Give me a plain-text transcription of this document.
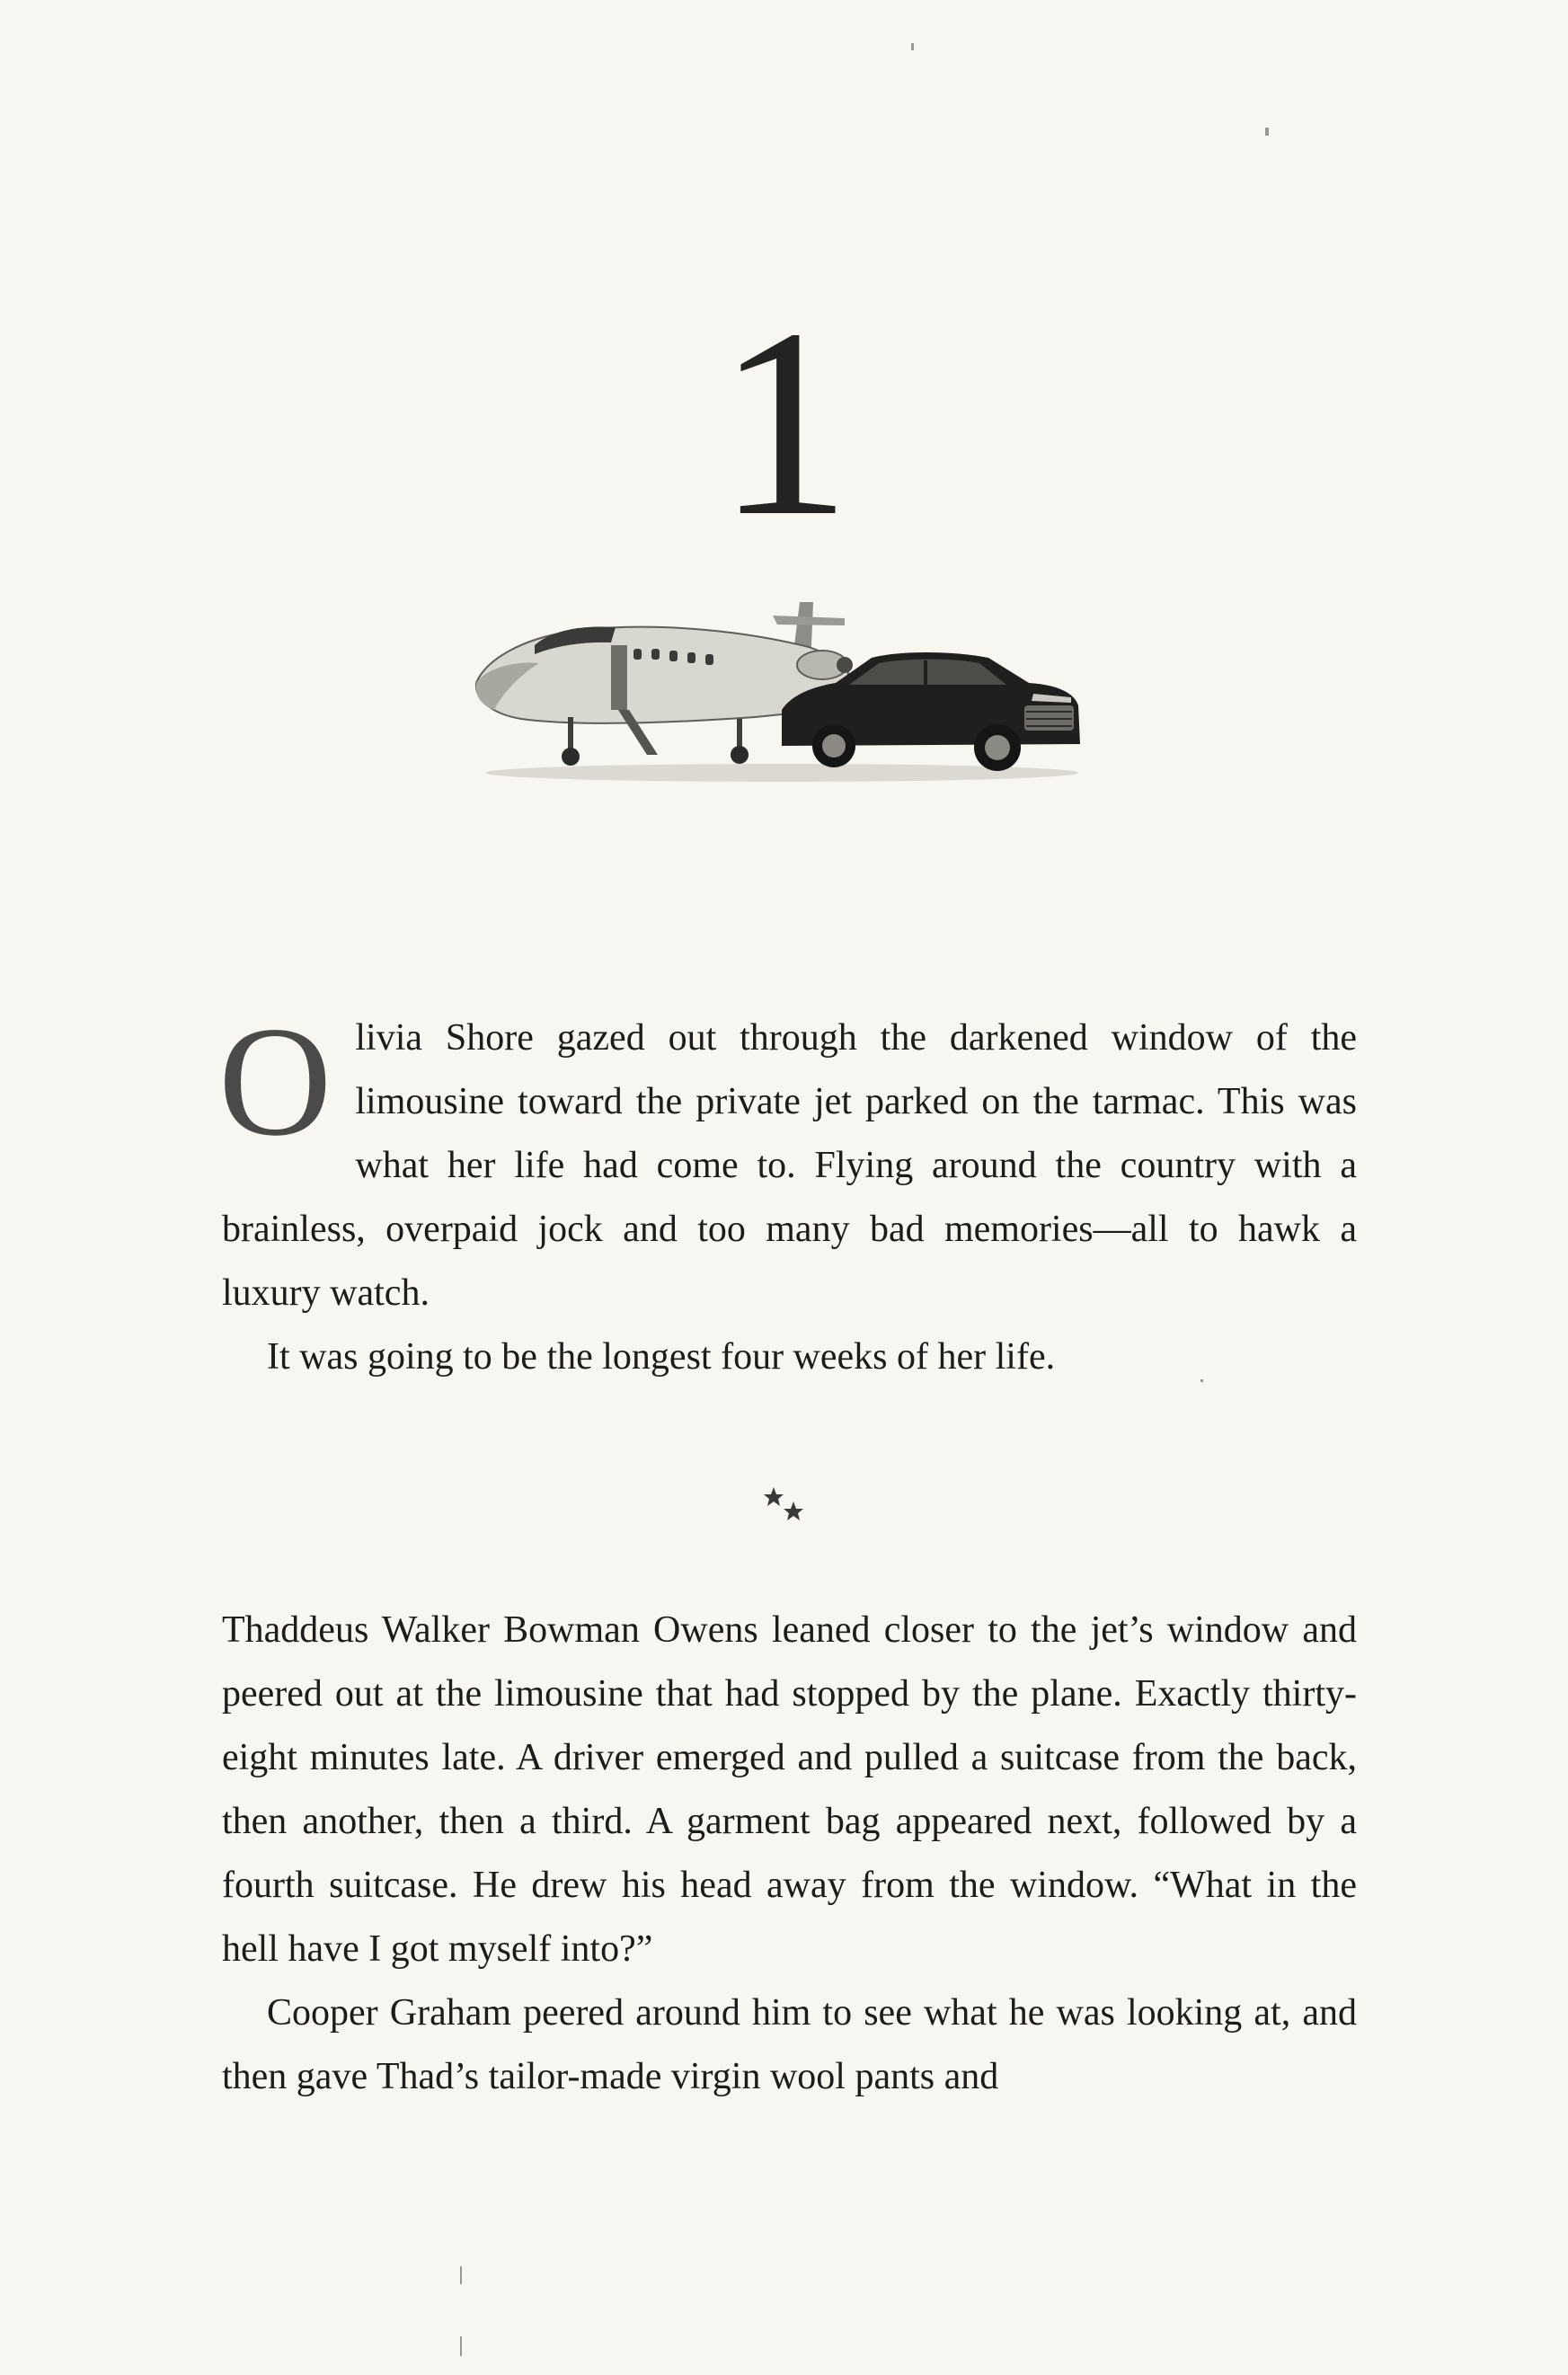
1

Olivia Shore gazed out through the darkened window of the limousine toward the private jet parked on the tarmac. This was what her life had come to. Flying around the country with a brainless, overpaid jock and too many bad memories—all to hawk a luxury watch.

It was going to be the longest four weeks of her life.

Thaddeus Walker Bowman Owens leaned closer to the jet’s window and peered out at the limousine that had stopped by the plane. Exactly thirty-eight minutes late. A driver emerged and pulled a suitcase from the back, then another, then a third. A garment bag appeared next, followed by a fourth suitcase. He drew his head away from the window. “What in the hell have I got myself into?”

Cooper Graham peered around him to see what he was looking at, and then gave Thad’s tailor-made virgin wool pants and
